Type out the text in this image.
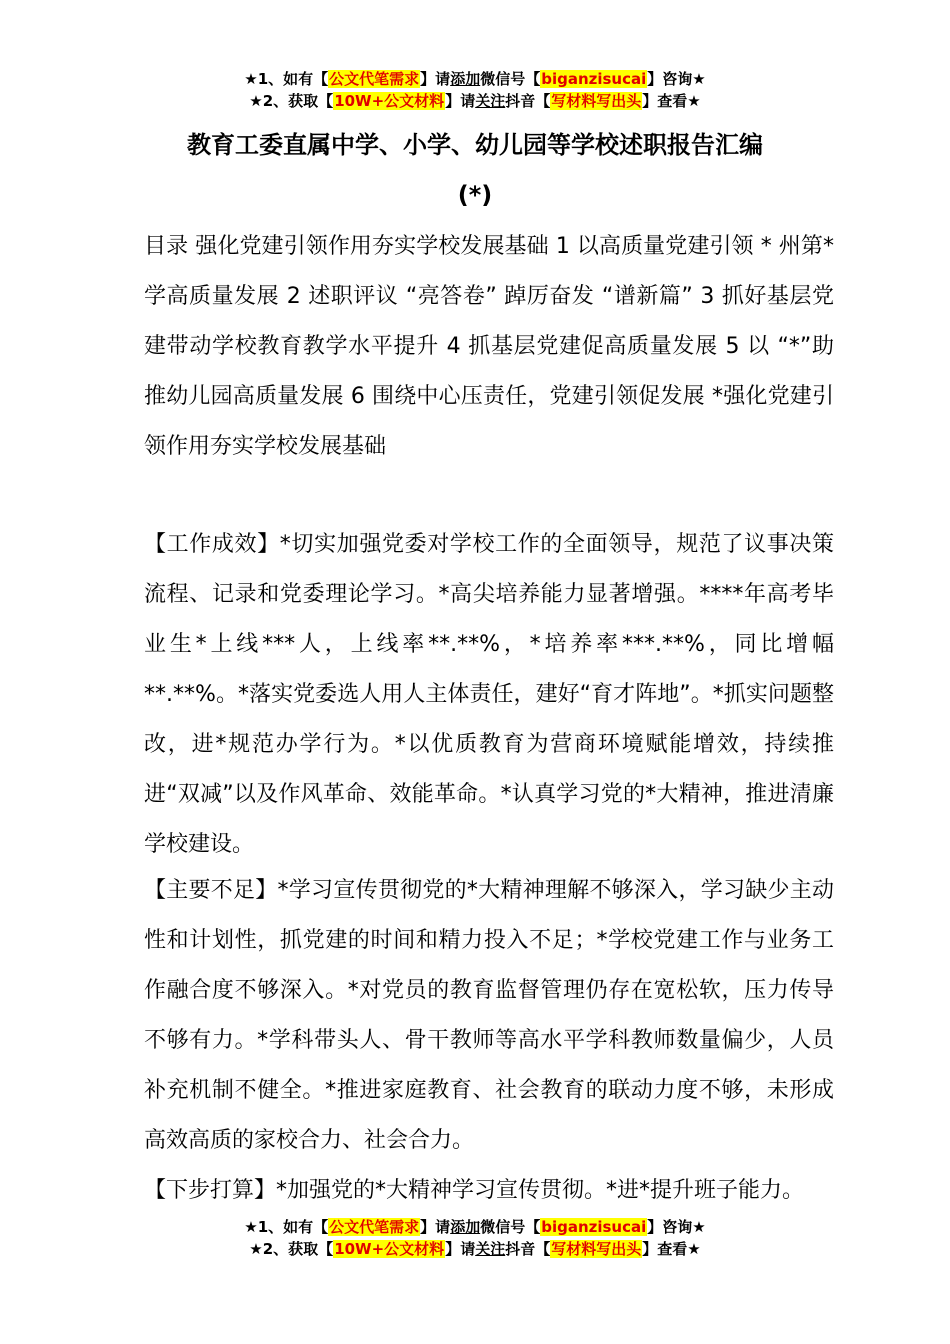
★1、如有【公文代笔需求】请添加微信号【biganzisucai】咨询★
★2、获取【10W+公文材料】请关注抖音【写材料写出头】查看★
教育工委直属中学、小学、幼儿园等学校述职报告汇编
(*)

目录 强化党建引领作用夯实学校发展基础 1 以高质量党建引领 * 州第*学高质量发展 2 述职评议 “亮答卷” 踔厉奋发 “谱新篇” 3 抓好基层党建带动学校教育教学水平提升 4 抓基层党建促高质量发展 5 以 “*”助推幼儿园高质量发展 6 围绕中心压责任，党建引领促发展 *强化党建引领作用夯实学校发展基础

【工作成效】*切实加强党委对学校工作的全面领导，规范了议事决策流程、记录和党委理论学习。*高尖培养能力显著增强。****年高考毕业生*上线***人，上线率**.**%，*培养率***.**%，同比增幅**.**%。*落实党委选人用人主体责任，建好“育才阵地”。*抓实问题整改，进*规范办学行为。*以优质教育为营商环境赋能增效，持续推进“双减”以及作风革命、效能革命。*认真学习党的*大精神，推进清廉学校建设。

【主要不足】*学习宣传贯彻党的*大精神理解不够深入，学习缺少主动性和计划性，抓党建的时间和精力投入不足；*学校党建工作与业务工作融合度不够深入。*对党员的教育监督管理仍存在宽松软，压力传导不够有力。*学科带头人、骨干教师等高水平学科教师数量偏少，人员补充机制不健全。*推进家庭教育、社会教育的联动力度不够，未形成高效高质的家校合力、社会合力。

【下步打算】*加强党的*大精神学习宣传贯彻。*进*提升班子能力。

★1、如有【公文代笔需求】请添加微信号【biganzisucai】咨询★
★2、获取【10W+公文材料】请关注抖音【写材料写出头】查看★
